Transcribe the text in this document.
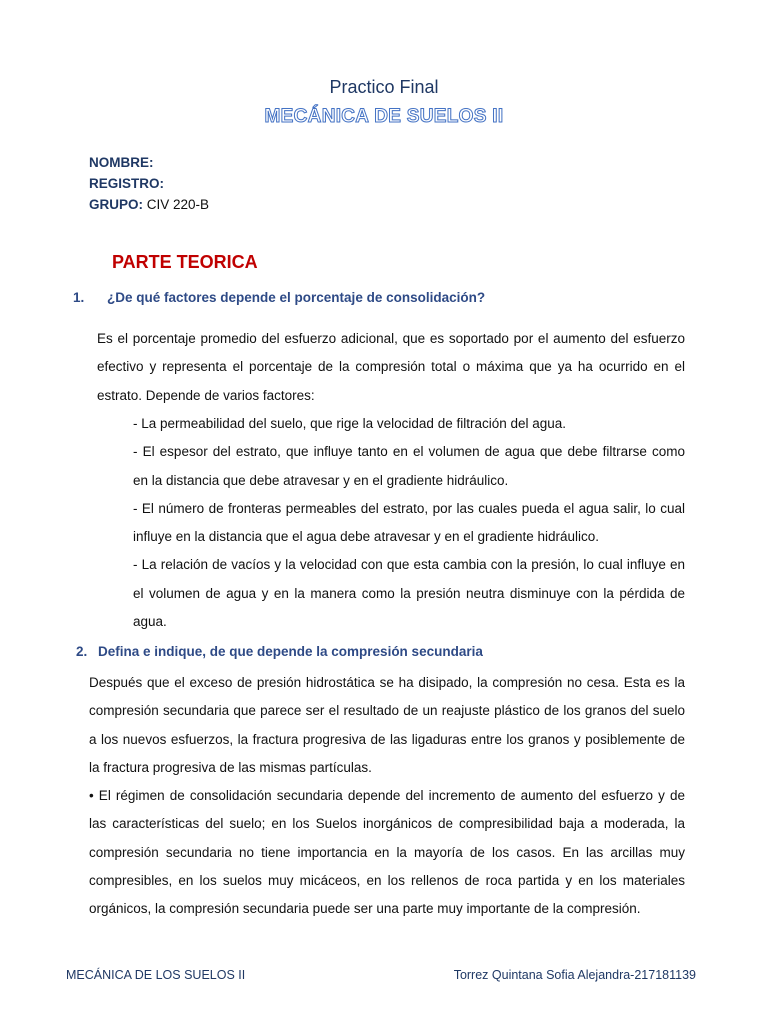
Practico Final
MECÁNICA DE SUELOS II
NOMBRE:
REGISTRO:
GRUPO: CIV 220-B
PARTE TEORICA
1. ¿De qué factores depende el porcentaje de consolidación?
Es el porcentaje promedio del esfuerzo adicional, que es soportado por el aumento del esfuerzo
efectivo y representa el porcentaje de la compresión total o máxima que ya ha ocurrido en el
estrato. Depende de varios factores:
- La permeabilidad del suelo, que rige la velocidad de filtración del agua.
- El espesor del estrato, que influye tanto en el volumen de agua que debe filtrarse como
en la distancia que debe atravesar y en el gradiente hidráulico.
- El número de fronteras permeables del estrato, por las cuales pueda el agua salir, lo cual
influye en la distancia que el agua debe atravesar y en el gradiente hidráulico.
- La relación de vacíos y la velocidad con que esta cambia con la presión, lo cual influye en
el volumen de agua y en la manera como la presión neutra disminuye con la pérdida de
agua.
2. Defina e indique, de que depende la compresión secundaria
Después que el exceso de presión hidrostática se ha disipado, la compresión no cesa. Esta es la
compresión secundaria que parece ser el resultado de un reajuste plástico de los granos del suelo
a los nuevos esfuerzos, la fractura progresiva de las ligaduras entre los granos y posiblemente de
la fractura progresiva de las mismas partículas.
• El régimen de consolidación secundaria depende del incremento de aumento del esfuerzo y de
las características del suelo; en los Suelos inorgánicos de compresibilidad baja a moderada, la
compresión secundaria no tiene importancia en la mayoría de los casos. En las arcillas muy
compresibles, en los suelos muy micáceos, en los rellenos de roca partida y en los materiales
orgánicos, la compresión secundaria puede ser una parte muy importante de la compresión.
MECÁNICA DE LOS SUELOS II	Torrez Quintana Sofia Alejandra-217181139
